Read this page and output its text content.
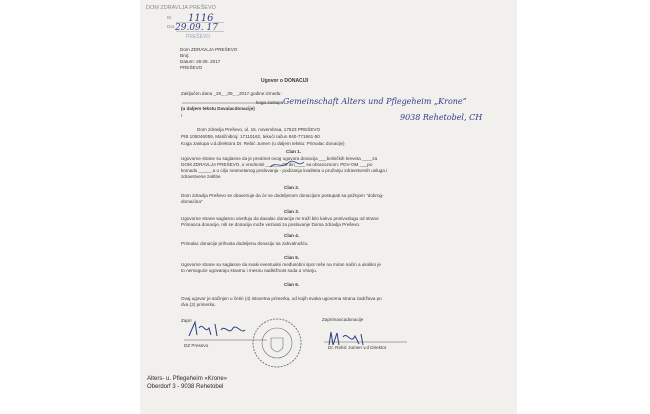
DOM ZDRAVLJA PREŠEVO
Br.
Dat.
1116
29.09. 17
PREŠEVO
Dom ZDRAVLJA PREŠEVO
Broj:
Datum: 28.09. 2017
PREŠEVO
Ugovor o DONACIJI
Zaključen dana _28_ _09_ _2017.godine između:
koga zastupa
(u daljem tekstu Davalacdonacije)
i
Gemeinschaft Alters und Pflegeheim „Krone”
9038 Rehetobel, CH
Dom zdravlja Preševo, ul. 15. novembraa, 17523 PREŠEVO
PIB 105046059, Matičnibroj: 17110162, tekući račun 840-771661-50
Koga zastupa v.d.direktora Dr. Rebić Jumen (u daljem tekstu: Primalac donacije)
Clan 1.
Ugovorne strane su saglasne da je predmet ovog ugovora donacija ___bolničkih kreveta ____za
DOM ZDRAVLJA PREŠEVO, u vrednosti ______,00 din____ sa obrazoznom: PDV-OM ___po
komadu _____ a u cilju neometanog poslovanja - podizanja kvaliteta u pružanju zdravstvenih usluga i
zdravstvene zaštite.
Clan 2.
Dom zdravlja Preševo se obavezuje da će se dodeljenom donacijom postupati sa pažnjom "dobrog-
domaćina"
Clan 3.
Ugovorne strane saglasno utvrđuju da davalac donacije ne traži bilo kakvu protivuslugu od strane
Primaoca donacije, niti se donacija može vezivati za poslovanje Doma zdravlja Preševo.
Clan 4.
Primalac donacije prihvata dodeljenu donaciju sa zahvalnošću.
Clan 5.
Ugovorne strane su saglasne da svaki eventualni međusobni spor reše na miran način a ukoliko je
to nemoguće ugovaraju stvarnu i mesnu nadležnost suda u Vranju.
Clan 6.
Ovaj ugovor je sačinjen u četiri (4) istovetna primerka, od kojih svaka ugovorna strana zadržava po
dva (2) primerka.
Zapri
DZ Presevo
Zaprimaocadonacije
Dr. Rebić Jumen v.d Direktor
Alters- u. Pflegeheim «Krone»
Oberdorf 3 - 9038 Rehetobel
